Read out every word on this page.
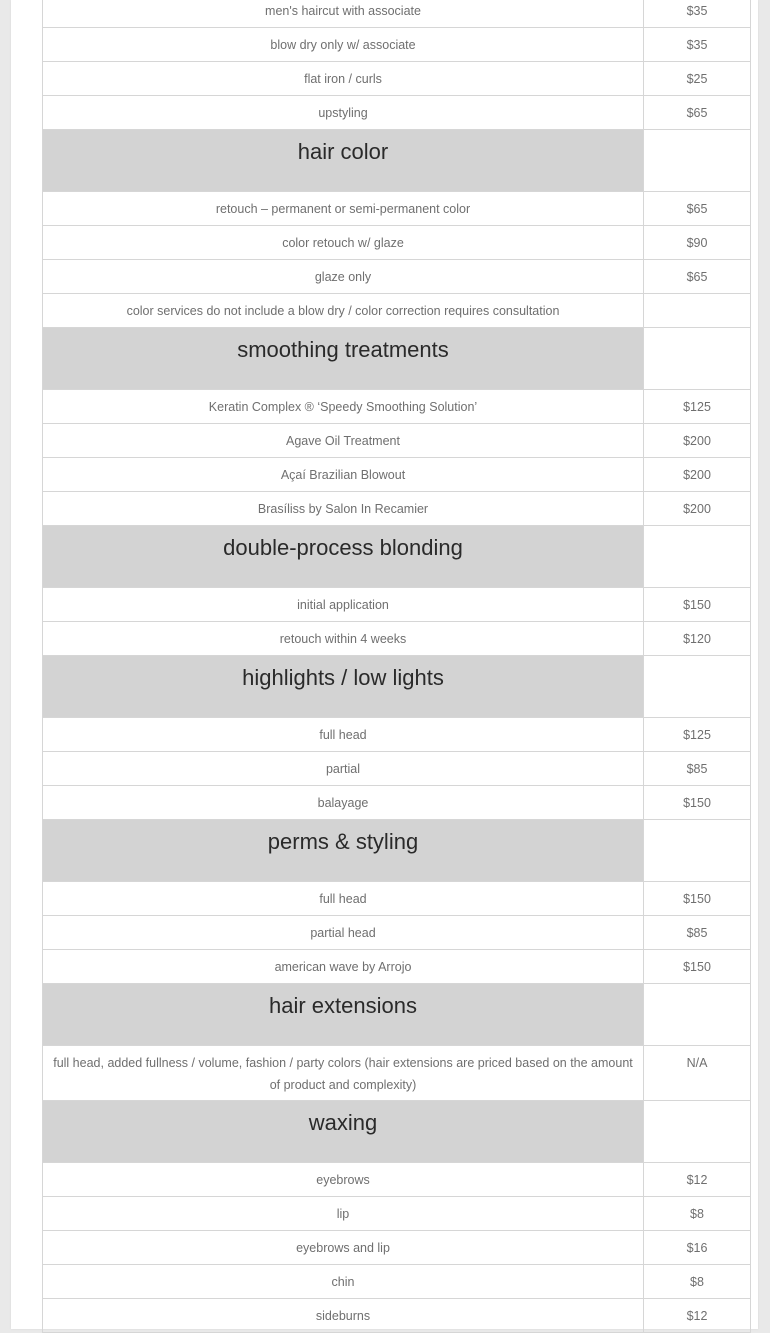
men's haircut with associate	$35
blow dry only w/ associate	$35
flat iron / curls	$25
upstyling	$65
hair color	
retouch – permanent or semi-permanent color	$65
color retouch w/ glaze	$90
glaze only	$65
color services do not include a blow dry / color correction requires consultation	
smoothing treatments	
Keratin Complex ® ‘Speedy Smoothing Solution’	$125
Agave Oil Treatment	$200
Açaí Brazilian Blowout	$200
Brasíliss by Salon In Recamier	$200
double-process blonding	
initial application	$150
retouch within 4 weeks	$120
highlights / low lights	
full head	$125
partial	$85
balayage	$150
perms & styling	
full head	$150
partial head	$85
american wave by Arrojo	$150
hair extensions	
full head, added fullness / volume, fashion / party colors (hair extensions are priced based on the amount of product and complexity)	N/A
waxing	
eyebrows	$12
lip	$8
eyebrows and lip	$16
chin	$8
sideburns	$12
